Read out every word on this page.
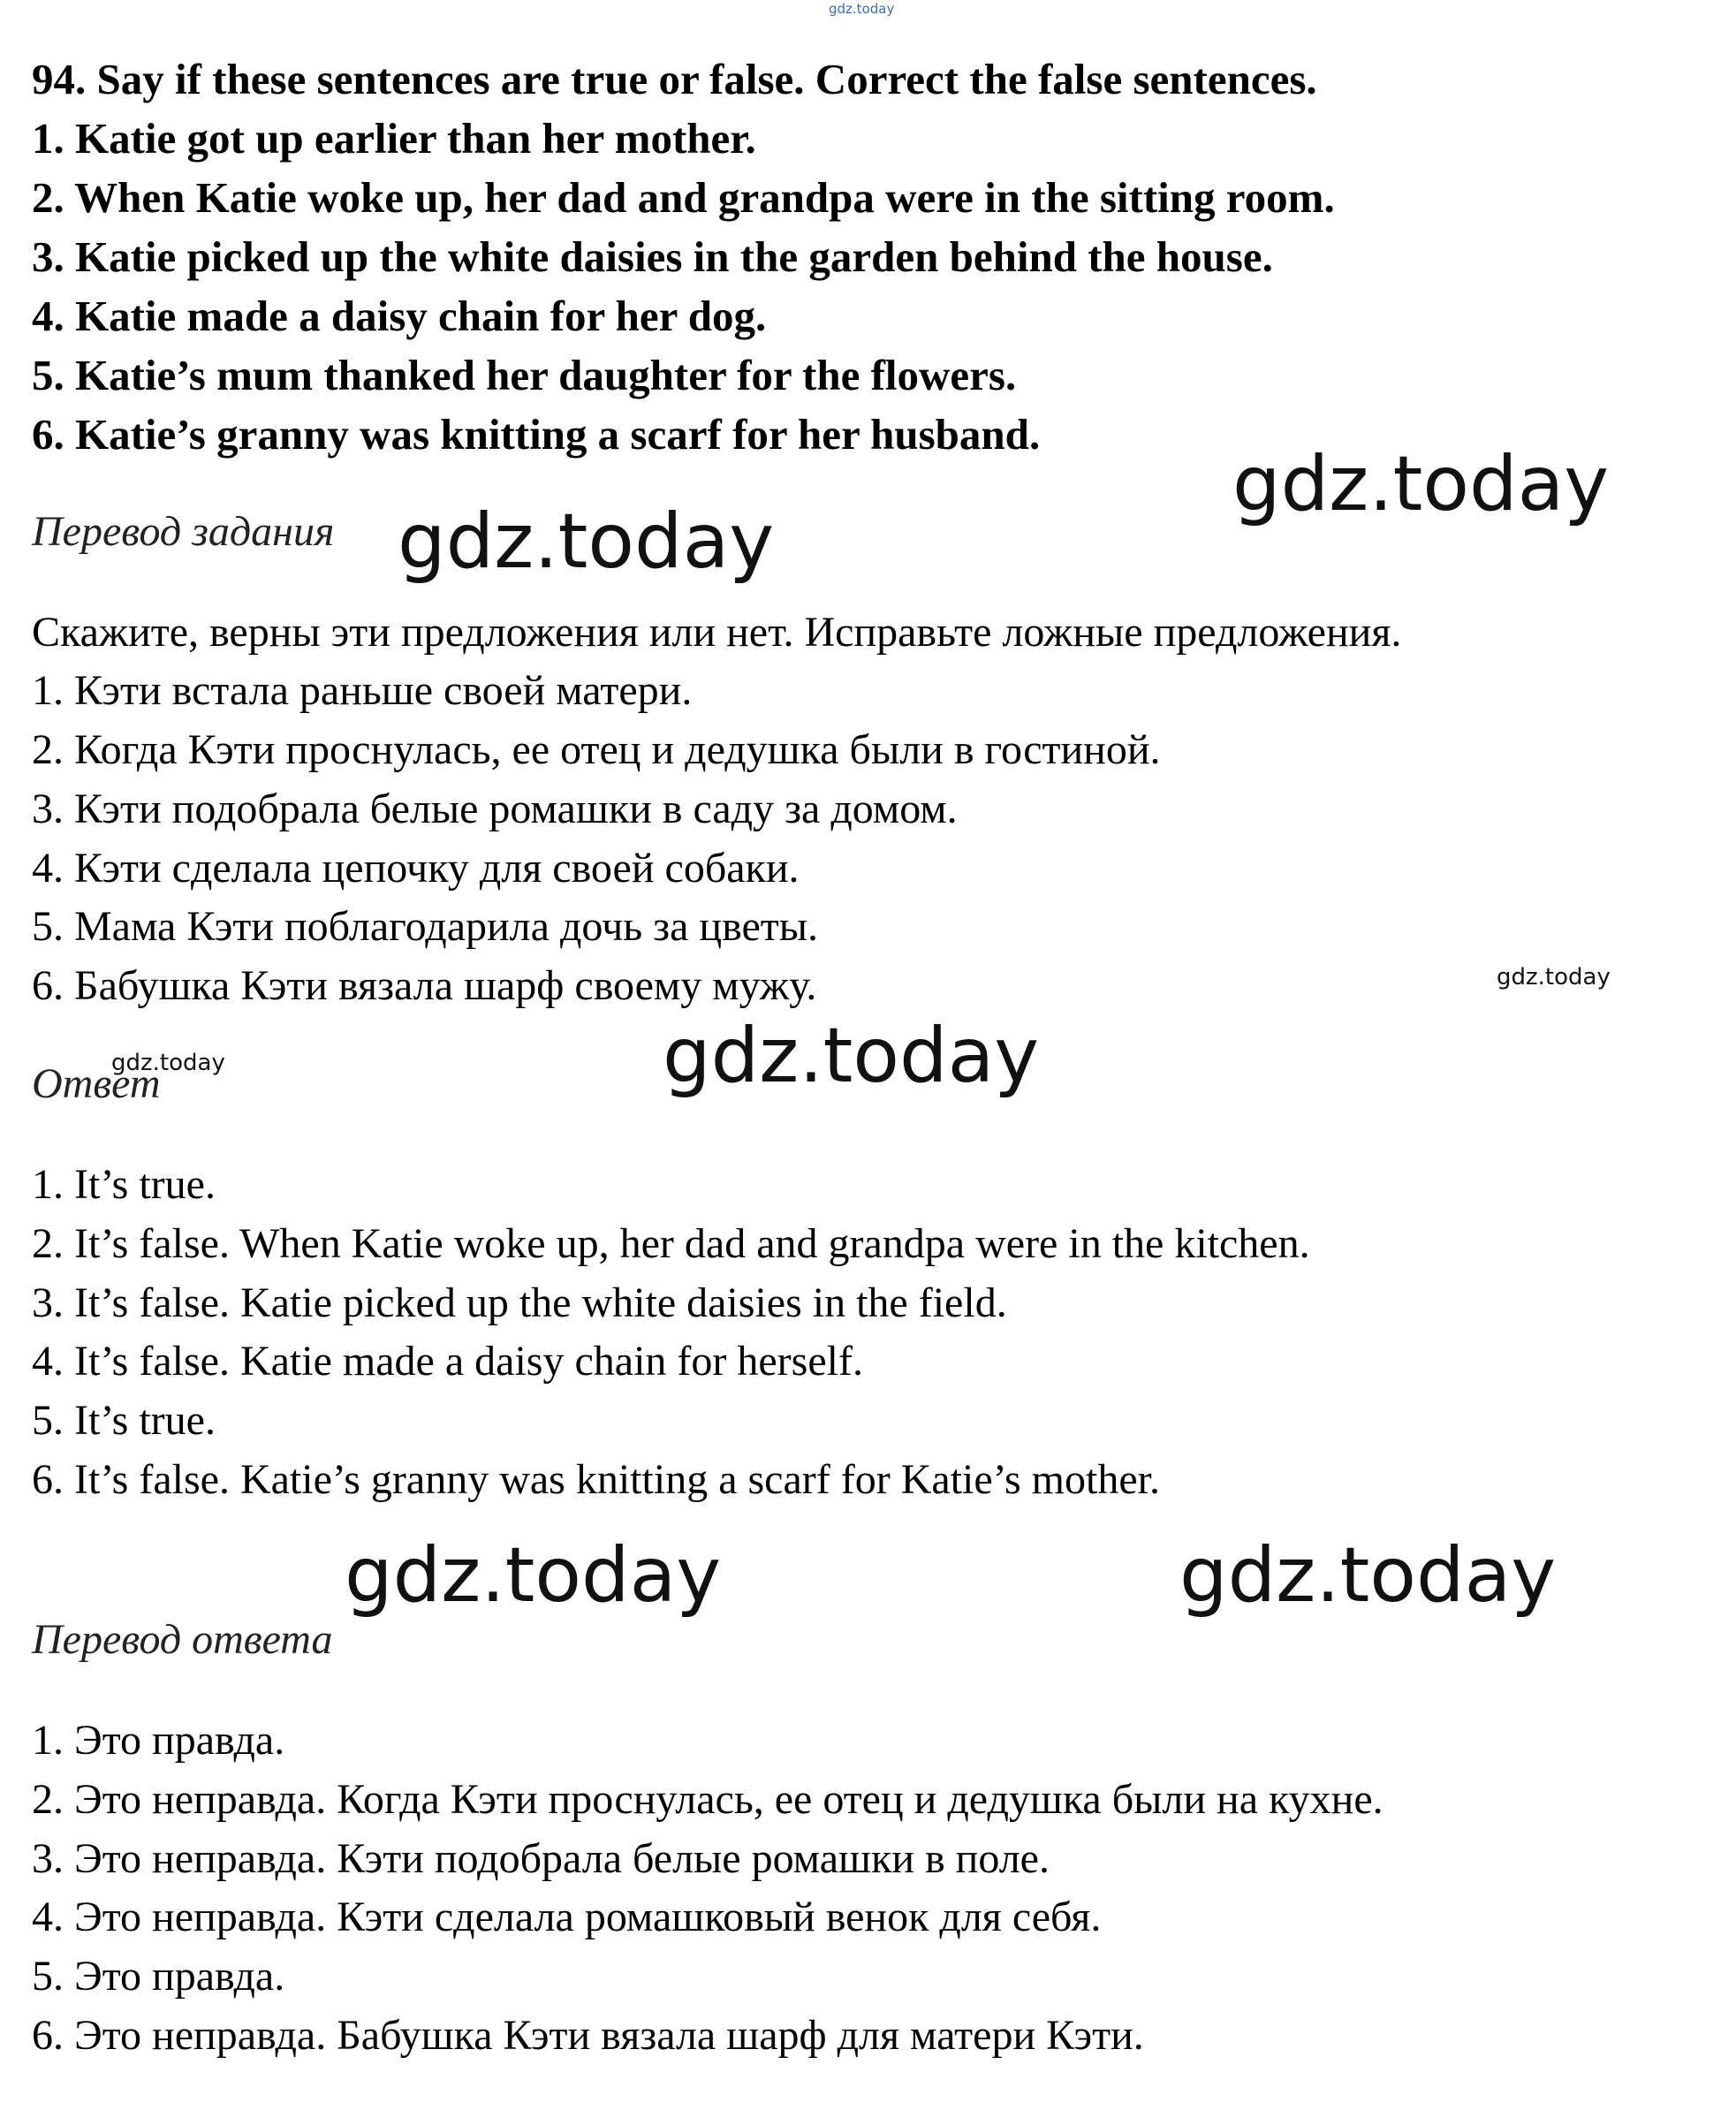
gdz.today
94. Say if these sentences are true or false. Correct the false sentences.
1. Katie got up earlier than her mother.
2. When Katie woke up, her dad and grandpa were in the sitting room.
3. Katie picked up the white daisies in the garden behind the house.
4. Katie made a daisy chain for her dog.
5. Katie’s mum thanked her daughter for the flowers.
6. Katie’s granny was knitting a scarf for her husband.
Перевод задания
Скажите, верны эти предложения или нет. Исправьте ложные предложения.
1. Кэти встала раньше своей матери.
2. Когда Кэти проснулась, ее отец и дедушка были в гостиной.
3. Кэти подобрала белые ромашки в саду за домом.
4. Кэти сделала цепочку для своей собаки.
5. Мама Кэти поблагодарила дочь за цветы.
6. Бабушка Кэти вязала шарф своему мужу.
Ответ
1. It’s true.
2. It’s false. When Katie woke up, her dad and grandpa were in the kitchen.
3. It’s false. Katie picked up the white daisies in the field.
4. It’s false. Katie made a daisy chain for herself.
5. It’s true.
6. It’s false. Katie’s granny was knitting a scarf for Katie’s mother.
Перевод ответа
1. Это правда.
2. Это неправда. Когда Кэти проснулась, ее отец и дедушка были на кухне.
3. Это неправда. Кэти подобрала белые ромашки в поле.
4. Это неправда. Кэти сделала ромашковый венок для себя.
5. Это правда.
6. Это неправда. Бабушка Кэти вязала шарф для матери Кэти.
gdz.today
gdz.today
gdz.today
gdz.today	gdz.today
gdz.today	gdz.today
